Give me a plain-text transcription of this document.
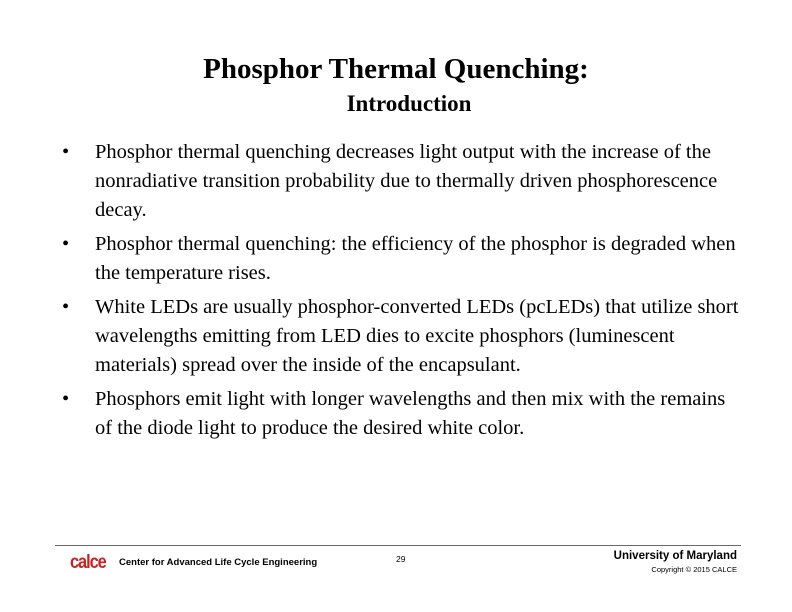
Phosphor Thermal Quenching:
Introduction
• Phosphor thermal quenching decreases light output with the increase of the nonradiative transition probability due to thermally driven phosphorescence decay.
• Phosphor thermal quenching: the efficiency of the phosphor is degraded when the temperature rises.
• White LEDs are usually phosphor-converted LEDs (pcLEDs) that utilize short wavelengths emitting from LED dies to excite phosphors (luminescent materials) spread over the inside of the encapsulant.
• Phosphors emit light with longer wavelengths and then mix with the remains of the diode light to produce the desired white color.
calce Center for Advanced Life Cycle Engineering	29	University of Maryland
Copyright © 2015 CALCE
